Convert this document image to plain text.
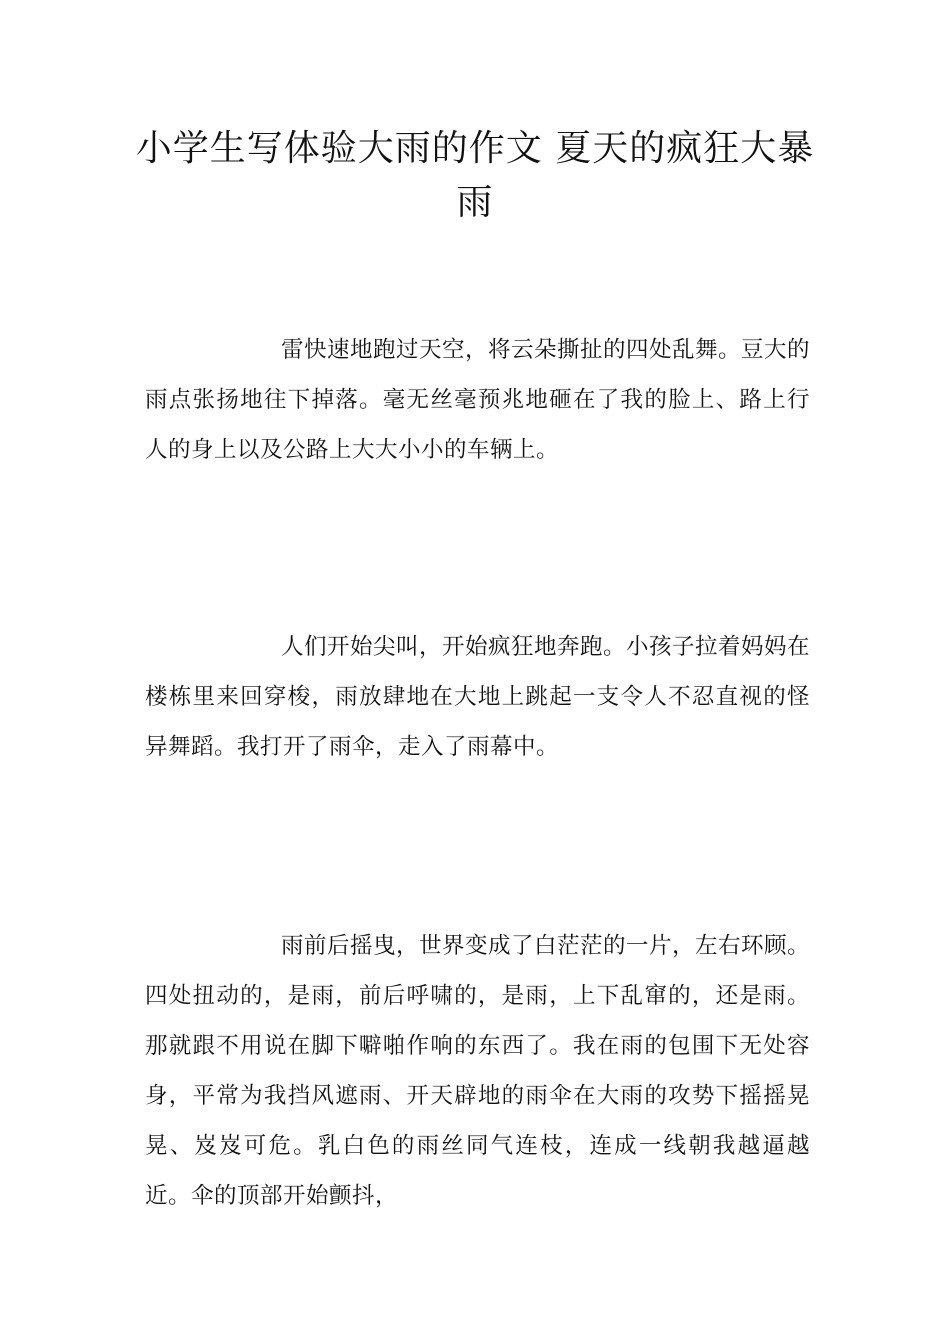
小学生写体验大雨的作文 夏天的疯狂大暴雨

雷快速地跑过天空，将云朵撕扯的四处乱舞。豆大的雨点张扬地往下掉落。毫无丝毫预兆地砸在了我的脸上、路上行人的身上以及公路上大大小小的车辆上。

人们开始尖叫，开始疯狂地奔跑。小孩子拉着妈妈在楼栋里来回穿梭，雨放肆地在大地上跳起一支令人不忍直视的怪异舞蹈。我打开了雨伞，走入了雨幕中。

雨前后摇曳，世界变成了白茫茫的一片，左右环顾。四处扭动的，是雨，前后呼啸的，是雨，上下乱窜的，还是雨。那就跟不用说在脚下噼啪作响的东西了。我在雨的包围下无处容身，平常为我挡风遮雨、开天辟地的雨伞在大雨的攻势下摇摇晃晃、岌岌可危。乳白色的雨丝同气连枝，连成一线朝我越逼越近。伞的顶部开始颤抖，
